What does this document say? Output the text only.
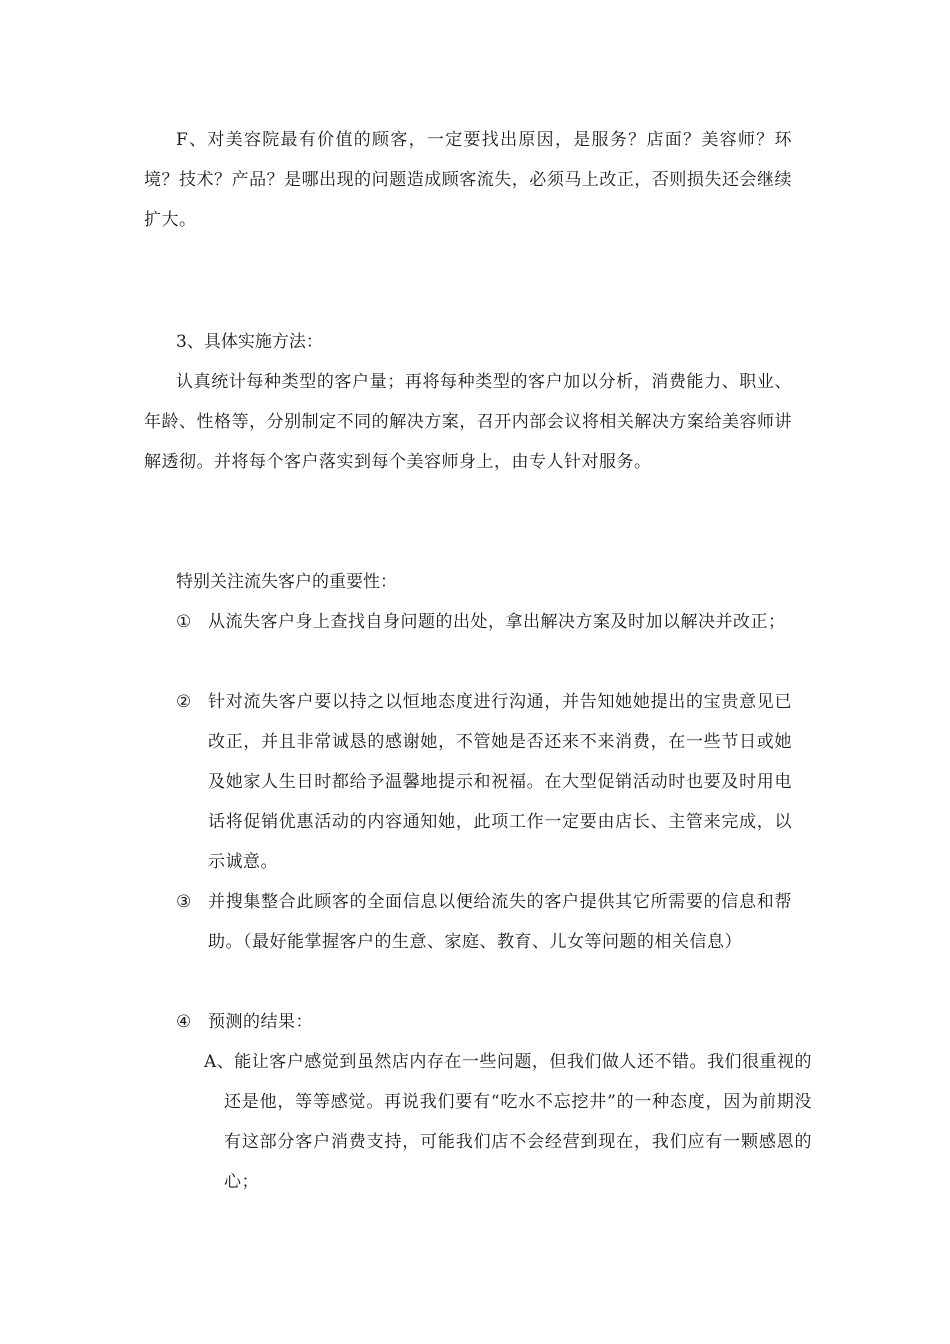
F、对美容院最有价值的顾客，一定要找出原因，是服务？店面？美容师？环境？技术？产品？是哪出现的问题造成顾客流失，必须马上改正，否则损失还会继续扩大。

3、具体实施方法：

认真统计每种类型的客户量；再将每种类型的客户加以分析，消费能力、职业、年龄、性格等，分别制定不同的解决方案，召开内部会议将相关解决方案给美容师讲解透彻。并将每个客户落实到每个美容师身上，由专人针对服务。

特别关注流失客户的重要性：

① 从流失客户身上查找自身问题的出处，拿出解决方案及时加以解决并改正；
② 针对流失客户要以持之以恒地态度进行沟通，并告知她她提出的宝贵意见已改正，并且非常诚恳的感谢她，不管她是否还来不来消费，在一些节日或她及她家人生日时都给予温馨地提示和祝福。在大型促销活动时也要及时用电话将促销优惠活动的内容通知她，此项工作一定要由店长、主管来完成，以示诚意。
③ 并搜集整合此顾客的全面信息以便给流失的客户提供其它所需要的信息和帮助。（最好能掌握客户的生意、家庭、教育、儿女等问题的相关信息）
④ 预测的结果：

A、能让客户感觉到虽然店内存在一些问题，但我们做人还不错。我们很重视的还是他，等等感觉。再说我们要有“吃水不忘挖井”的一种态度，因为前期没有这部分客户消费支持，可能我们店不会经营到现在，我们应有一颗感恩的心；
